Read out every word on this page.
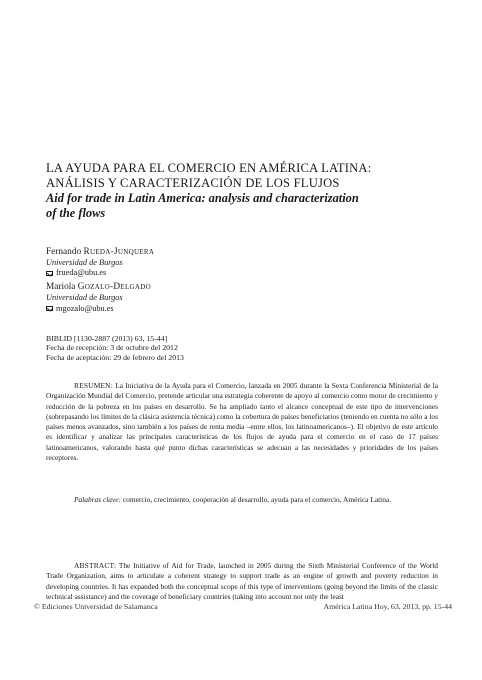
LA AYUDA PARA EL COMERCIO EN AMÉRICA LATINA:
ANÁLISIS Y CARACTERIZACIÓN DE LOS FLUJOS
Aid for trade in Latin America: analysis and characterization
of the flows

Fernando Rueda-Junquera

Universidad de Burgos

frueda@ubu.es

Mariola Gozalo-Delgado

Universidad de Burgos

mgozalo@ubu.es

BIBLID [1130-2887 (2013) 63, 15-44]

Fecha de recepción: 3 de octubre del 2012

Fecha de aceptación: 29 de febrero del 2013

RESUMEN: La Iniciativa de la Ayuda para el Comercio, lanzada en 2005 durante la Sexta Conferencia Ministerial de la Organización Mundial del Comercio, pretende articular una estrategia coherente de apoyo al comercio como motor de crecimiento y reducción de la pobreza en los países en desarrollo. Se ha ampliado tanto el alcance conceptual de este tipo de intervenciones (sobrepasando los límites de la clásica asistencia técnica) como la cobertura de países beneficiarios (teniendo en cuenta no sólo a los países menos avanzados, sino también a los países de renta media –entre ellos, los latinoamericanos–). El objetivo de este artículo es identificar y analizar las principales características de los flujos de ayuda para el comercio en el caso de 17 países latinoamericanos, valorando hasta qué punto dichas características se adecuan a las necesidades y prioridades de los países receptores.

Palabras clave: comercio, crecimiento, cooperación al desarrollo, ayuda para el comercio, América Latina.

ABSTRACT: The Initiative of Aid for Trade, launched in 2005 during the Sixth Ministerial Conference of the World Trade Organization, aims to articulate a coherent strategy to support trade as an engine of growth and poverty reduction in developing countries. It has expanded both the conceptual scope of this type of interventions (going beyond the limits of the classic technical assistance) and the coverage of beneficiary countries (taking into account not only the least

© Ediciones Universidad de Salamanca	América Latina Hoy, 63, 2013, pp. 15-44
